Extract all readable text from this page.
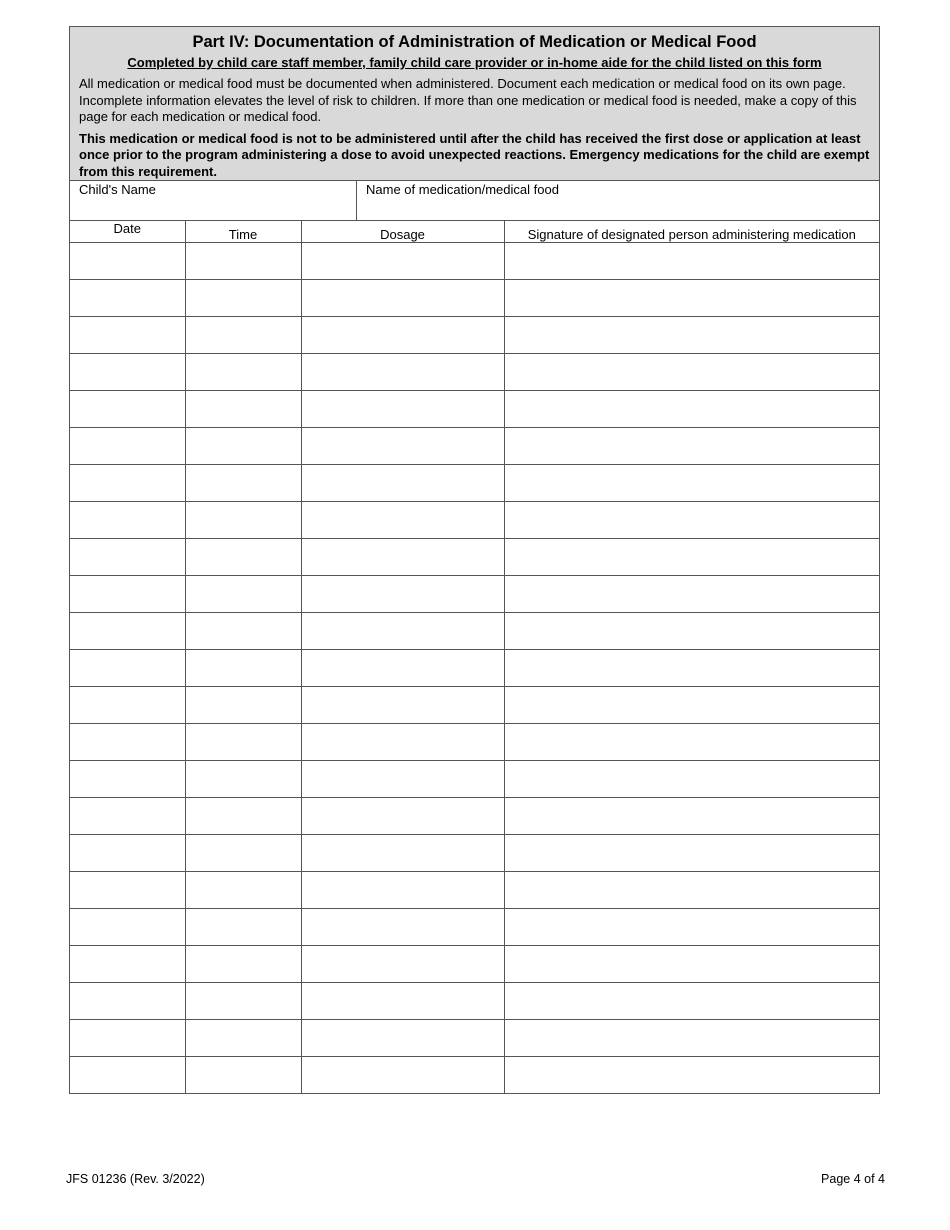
Part IV: Documentation of Administration of Medication or Medical Food
Completed by child care staff member, family child care provider or in-home aide for the child listed on this form
All medication or medical food must be documented when administered. Document each medication or medical food on its own page. Incomplete information elevates the level of risk to children. If more than one medication or medical food is needed, make a copy of this page for each medication or medical food.
This medication or medical food is not to be administered until after the child has received the first dose or application at least once prior to the program administering a dose to avoid unexpected reactions. Emergency medications for the child are exempt from this requirement.
Child's Name	Name of medication/medical food
Date	Time	Dosage	Signature of designated person administering medication

JFS 01236 (Rev. 3/2022)	Page 4 of 4
